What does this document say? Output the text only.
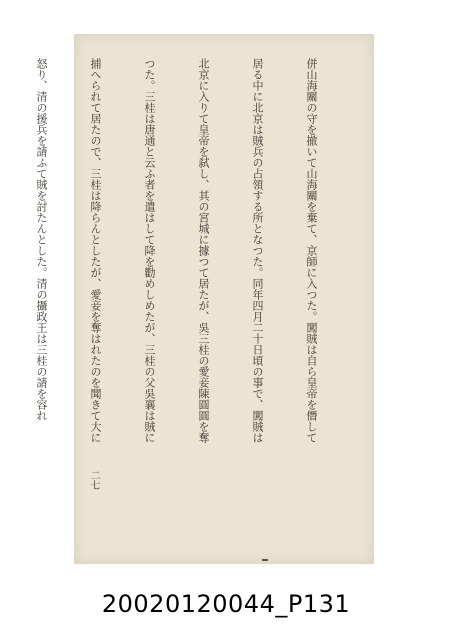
併山海關の守を撤いて山海關を棄て、京師に入つた。闖賊は自ら皇帝を僭して

居る中に北京は賊兵の占領する所となつた。同年四月二十日頃の事で、闖賊は

北京に入りて皇帝を弑し、其の宮城に據つて居たが、吳三桂の愛妾陳圓圓を奪

つた。三桂は唐通と云ふ者を遣はして降を勸めしめたが、三桂の父吳襄は賊に

捕へられて居たので、三桂は降らんとしたが、愛妾を奪はれたのを聞きて大に

怒り、清の援兵を請ふて賊を討たんとした。清の攝政王は三桂の請を容れ

二七
20020120044_P131
